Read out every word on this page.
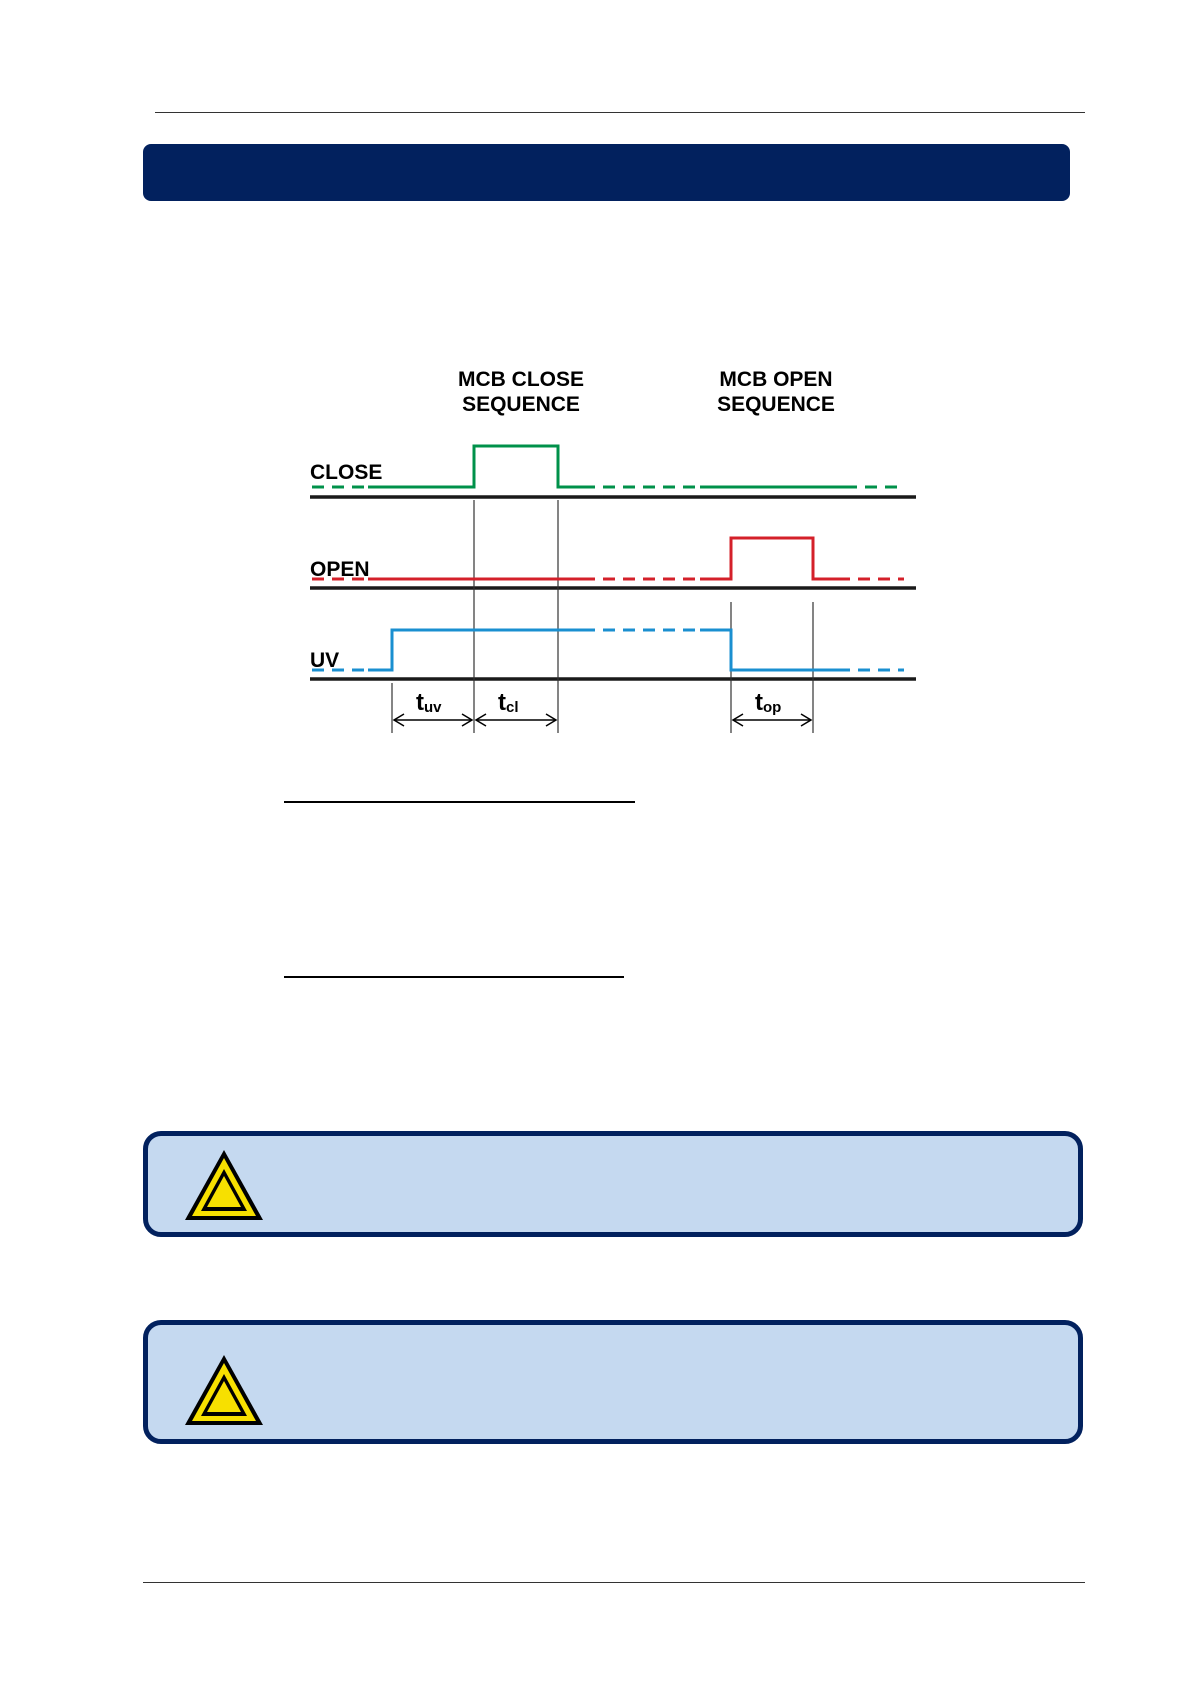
MCB CLOSE
SEQUENCE
MCB OPEN
SEQUENCE
CLOSE
OPEN
UV
tuv tcl	top
